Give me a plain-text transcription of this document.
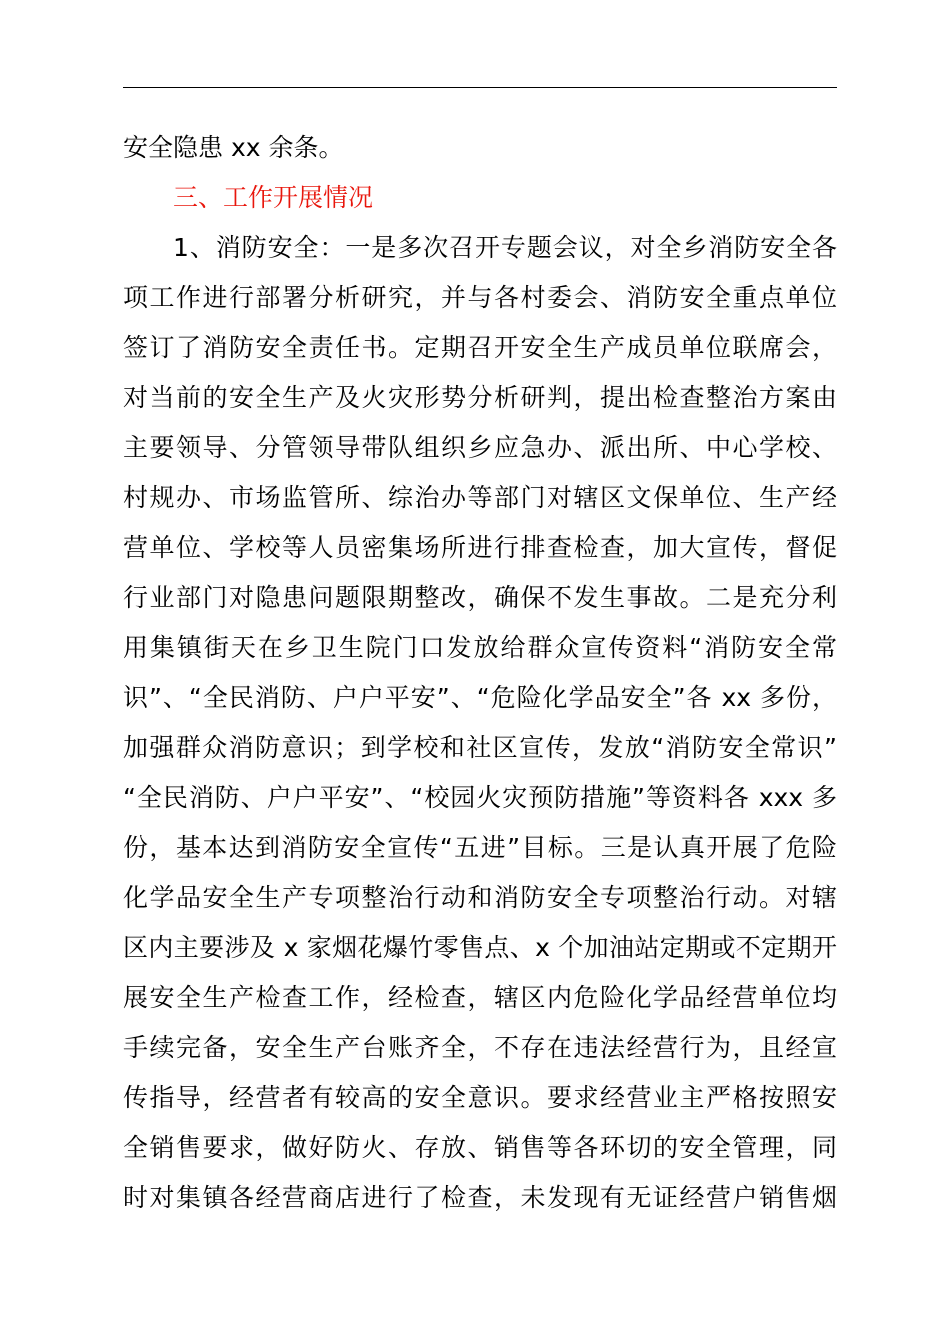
安全隐患 xx 余条。
三、工作开展情况
1、消防安全：一是多次召开专题会议，对全乡消防安全各
项工作进行部署分析研究，并与各村委会、消防安全重点单位
签订了消防安全责任书。定期召开安全生产成员单位联席会，
对当前的安全生产及火灾形势分析研判，提出检查整治方案由
主要领导、分管领导带队组织乡应急办、派出所、中心学校、
村规办、市场监管所、综治办等部门对辖区文保单位、生产经
营单位、学校等人员密集场所进行排查检查，加大宣传，督促
行业部门对隐患问题限期整改，确保不发生事故。二是充分利
用集镇街天在乡卫生院门口发放给群众宣传资料“消防安全常
识”、“全民消防、户户平安”、“危险化学品安全”各 xx 多份，
加强群众消防意识；到学校和社区宣传，发放“消防安全常识”
“全民消防、户户平安”、“校园火灾预防措施”等资料各 xxx 多
份，基本达到消防安全宣传“五进”目标。三是认真开展了危险
化学品安全生产专项整治行动和消防安全专项整治行动。对辖
区内主要涉及 x 家烟花爆竹零售点、x 个加油站定期或不定期开
展安全生产检查工作，经检查，辖区内危险化学品经营单位均
手续完备，安全生产台账齐全，不存在违法经营行为，且经宣
传指导，经营者有较高的安全意识。要求经营业主严格按照安
全销售要求，做好防火、存放、销售等各环切的安全管理，同
时对集镇各经营商店进行了检查，未发现有无证经营户销售烟
